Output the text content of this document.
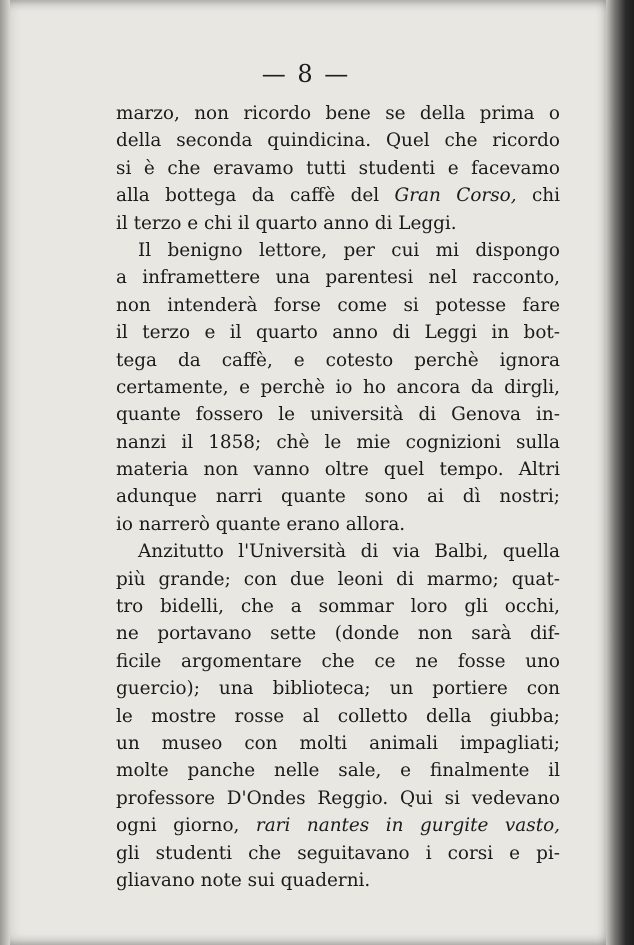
— 8 —
marzo, non ricordo bene se della prima o
della seconda quindicina. Quel che ricordo
si è che eravamo tutti studenti e facevamo
alla bottega da caffè del Gran Corso, chi
il terzo e chi il quarto anno di Leggi.
Il benigno lettore, per cui mi dispongo
a inframettere una parentesi nel racconto,
non intenderà forse come si potesse fare
il terzo e il quarto anno di Leggi in bot-
tega da caffè, e cotesto perchè ignora
certamente, e perchè io ho ancora da dirgli,
quante fossero le università di Genova in-
nanzi il 1858; chè le mie cognizioni sulla
materia non vanno oltre quel tempo. Altri
adunque narri quante sono ai dì nostri;
io narrerò quante erano allora.
Anzitutto l'Università di via Balbi, quella
più grande; con due leoni di marmo; quat-
tro bidelli, che a sommar loro gli occhi,
ne portavano sette (donde non sarà dif-
ficile argomentare che ce ne fosse uno
guercio); una biblioteca; un portiere con
le mostre rosse al colletto della giubba;
un museo con molti animali impagliati;
molte panche nelle sale, e finalmente il
professore D'Ondes Reggio. Qui si vedevano
ogni giorno, rari nantes in gurgite vasto,
gli studenti che seguitavano i corsi e pi-
gliavano note sui quaderni.
